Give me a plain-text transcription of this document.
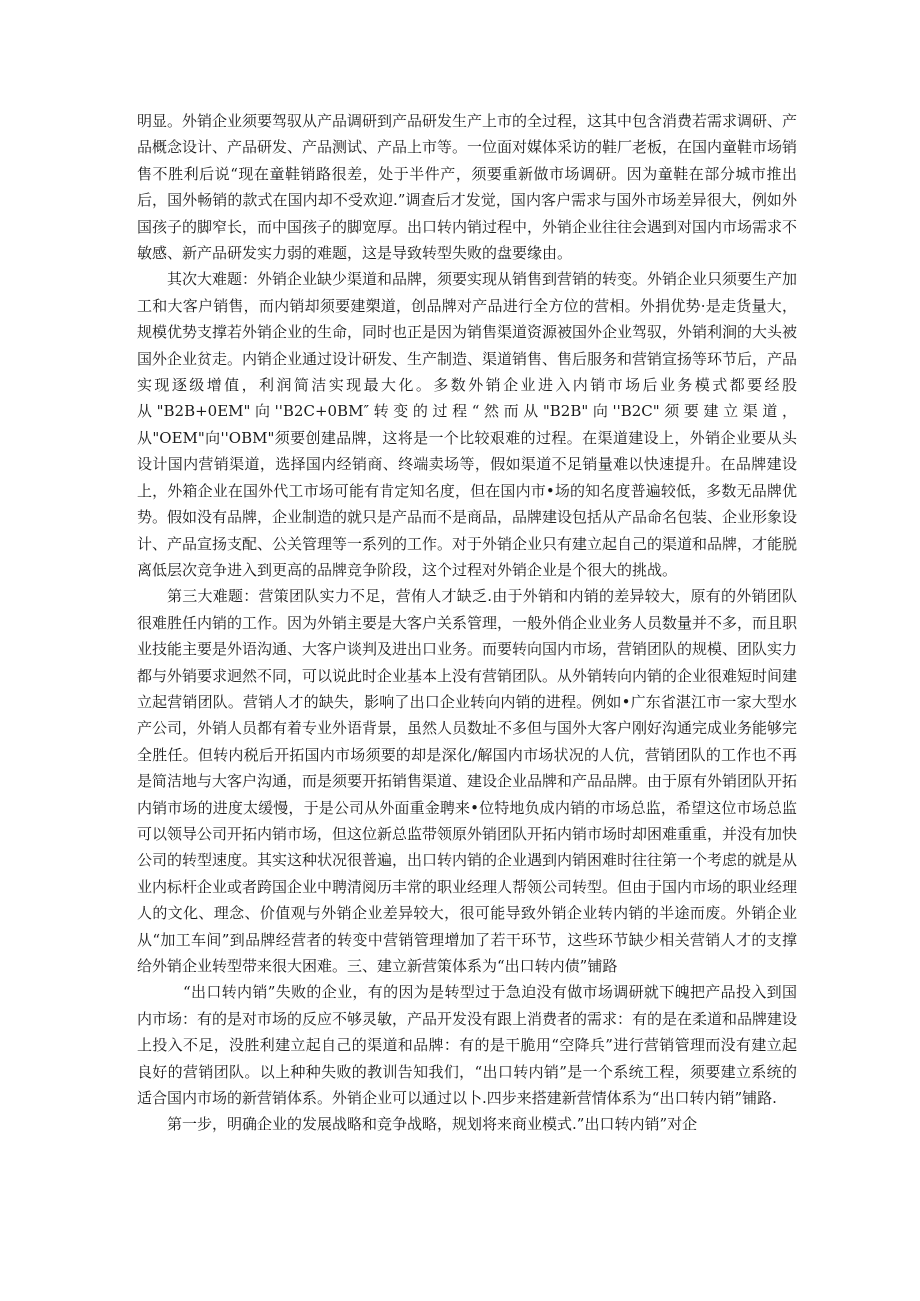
明显。外销企业须要驾驭从产品调研到产品研发生产上市的全过程，这其中包含消费若需求调研、产品概念设计、产品研发、产品测试、产品上市等。一位面对媒体采访的鞋厂老板，在国内童鞋市场销售不胜利后说“现在童鞋销路很差，处于半件产，须要重新做市场调研。因为童鞋在部分城市推出后，国外畅销的款式在国内却不受欢迎.”调查后才发觉，国内客户需求与国外市场差异很大，例如外国孩子的脚窄长，而中国孩子的脚宽厚。出口转内销过程中，外销企业往往会遇到对国内市场需求不敏感、新产品研发实力弱的难题，这是导致转型失败的盘要缘由。

其次大难题：外销企业缺少渠道和品牌，须要实现从销售到营销的转变。外销企业只须要生产加工和大客户销售，而内销却须要建槊道，创品牌对产品进行全方位的营相。外捐优势·是走货量大，规模优势支撑若外销企业的生命，同时也正是因为销售渠道资源被国外企业驾驭，外销利涧的大头被国外企业贫走。内销企业通过设计研发、生产制造、渠道销售、售后服务和营销宣扬等环节后，产品实现逐级增值，利润简洁实现最大化。多数外销企业进入内销市场后业务模式都要经股从"B2B+0EM"向''B2C+0BM″转变的过程“然而从"B2B"向''B2C"须要建立渠道，从"OEM"向''OBM"须要创建品牌，这将是一个比较艰难的过程。在渠道建设上，外销企业要从头设计国内营销渠道，选择国内经销商、终端卖场等，假如渠道不足销量难以快速提升。在品牌建设上，外箱企业在国外代工市场可能有肯定知名度，但在国内市•场的知名度普遍较低，多数无品牌优势。假如没有品牌，企业制造的就只是产品而不是商品，品牌建设包括从产品命名包装、企业形象设计、产品宣扬支配、公关管理等一系列的工作。对于外销企业只有建立起自己的渠道和品牌，才能脱离低层次竞争进入到更高的品牌竞争阶段，这个过程对外销企业是个很大的挑战。

第三大难题：营策团队实力不足，营侑人才缺乏.由于外销和内销的差异较大，原有的外销团队很难胜任内销的工作。因为外销主要是大客户关系管理，一般外俏企业业务人员数量并不多，而且职业技能主要是外语沟通、大客户谈判及进出口业务。而要转向国内市场，营销团队的规模、团队实力都与外销要求迥然不同，可以说此时企业基本上没有营销团队。从外销转向内销的企业很难短时间建立起营销团队。营销人才的缺失，影响了出口企业转向内销的进程。例如•广东省湛江市一家大型水产公司，外销人员都有着专业外语背景，虽然人员数址不多但与国外大客户刚好沟通完成业务能够完全胜任。但转内税后开拓国内市场须要的却是深化/解国内市场状况的人伉，营销团队的工作也不再是简洁地与大客户沟通，而是须要开拓销售渠道、建设企业品牌和产品品牌。由于原有外销团队开拓内销市场的进度太缓慢，于是公司从外面重金聘来•位特地负成内销的市场总监，希望这位市场总监可以领导公司开拓内销市场，但这位新总监带领原外销团队开拓内销市场时却困难重重，并没有加快公司的转型速度。其实这种状况很普遍，出口转内销的企业遇到内销困难时往往第一个考虑的就是从业内标杆企业或者跨国企业中聘清阅历丰常的职业经理人帮领公司转型。但由于国内市场的职业经理人的文化、理念、价值观与外销企业差异较大，很可能导致外销企业转内销的半途而废。外销企业从“加工车间”到品牌经营者的转变中营销管理增加了若干环节，这些环节缺少相关营销人才的支撑给外销企业转型带来很大困难。三、建立新营策体系为“出口转内债”铺路

“出口转内销”失败的企业，有的因为是转型过于急迫没有做市场调研就下魄把产品投入到国内市场：有的是对市场的反应不够灵敏，产品开发没有跟上消费者的需求：有的是在柔道和品牌建设上投入不足，没胜利建立起自己的渠道和品牌：有的是干脆用“空降兵”进行营销管理而没有建立起良好的营销团队。以上种种失败的教训告知我们，“出口转内销”是一个系统工程，须要建立系统的适合国内市场的新营销体系。外销企业可以通过以卜.四步来搭建新营情体系为“出口转内销”铺路.

第一步，明确企业的发展战略和竞争战略，规划将来商业模式.”出口转内销”对企
